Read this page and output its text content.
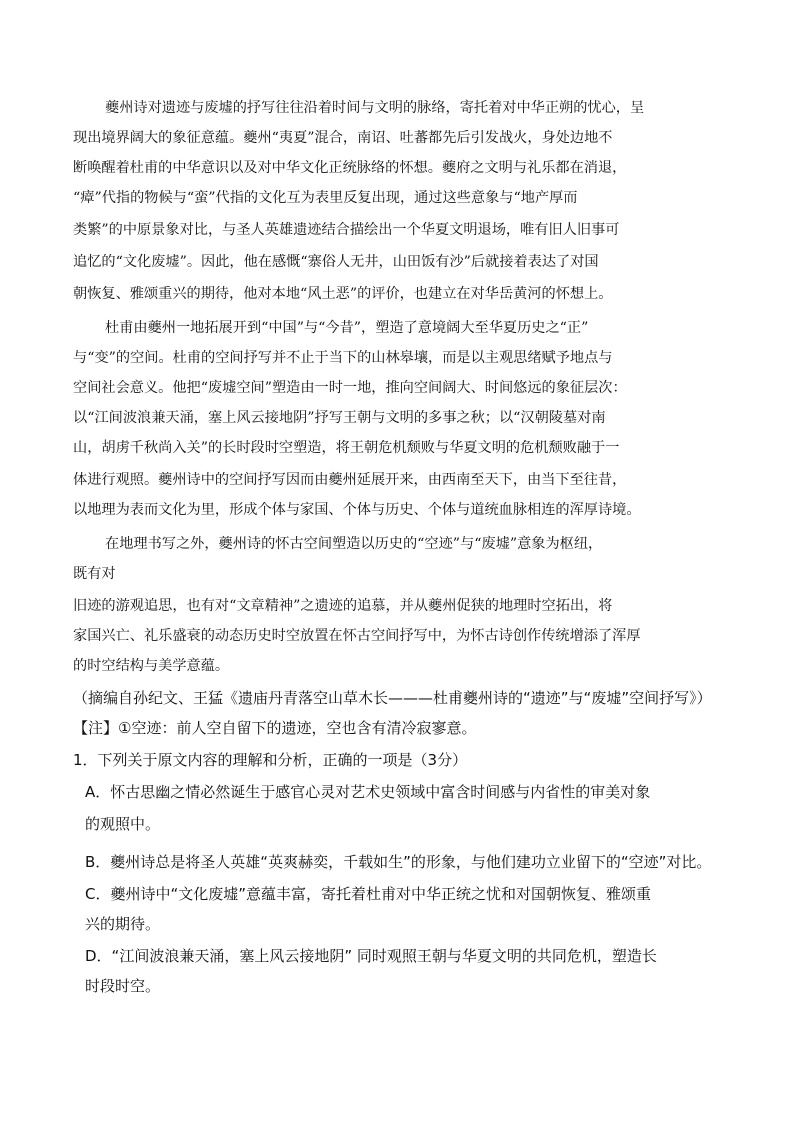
夔州诗对遗迹与废墟的抒写往往沿着时间与文明的脉络，寄托着对中华正朔的忧心，呈
现出境界阔大的象征意蕴。夔州“夷夏”混合，南诏、吐蕃都先后引发战火，身处边地不
断唤醒着杜甫的中华意识以及对中华文化正统脉络的怀想。夔府之文明与礼乐都在消退，
“瘴”代指的物候与“蛮”代指的文化互为表里反复出现，通过这些意象与“地产厚而
类繁”的中原景象对比，与圣人英雄遗迹结合描绘出一个华夏文明退场，唯有旧人旧事可
追忆的“文化废墟”。因此，他在感慨“寨俗人无井，山田饭有沙”后就接着表达了对国
朝恢复、雅颂重兴的期待，他对本地“风土恶”的评价，也建立在对华岳黄河的怀想上。
杜甫由夔州一地拓展开到“中国”与“今昔”，塑造了意境阔大至华夏历史之“正”
与“变”的空间。杜甫的空间抒写并不止于当下的山林皋壤，而是以主观思绪赋予地点与
空间社会意义。他把“废墟空间”塑造由一时一地，推向空间阔大、时间悠远的象征层次：
以“江间波浪兼天涌，塞上风云接地阴”抒写王朝与文明的多事之秋；以“汉朝陵墓对南
山，胡虏千秋尚入关”的长时段时空塑造，将王朝危机颓败与华夏文明的危机颓败融于一
体进行观照。夔州诗中的空间抒写因而由夔州延展开来，由西南至天下，由当下至往昔，
以地理为表而文化为里，形成个体与家国、个体与历史、个体与道统血脉相连的浑厚诗境。
在地理书写之外，夔州诗的怀古空间塑造以历史的“空迹”与“废墟”意象为枢纽，
既有对
旧迹的游观追思，也有对“文章精神”之遗迹的追慕，并从夔州促狭的地理时空拓出，将
家国兴亡、礼乐盛衰的动态历史时空放置在怀古空间抒写中，为怀古诗创作传统增添了浑厚
的时空结构与美学意蕴。
（摘编自孙纪文、王猛《遗庙丹青落空山草木长———杜甫夔州诗的“遗迹”与“废墟”空间抒写》）
【注】①空迹：前人空自留下的遗迹，空也含有清冷寂寥意。
1．下列关于原文内容的理解和分析，正确的一项是（3分）
A．怀古思幽之情必然诞生于感官心灵对艺术史领域中富含时间感与内省性的审美对象
的观照中。
B．夔州诗总是将圣人英雄“英爽赫奕，千载如生”的形象，与他们建功立业留下的“空迹”对比。
C．夔州诗中“文化废墟”意蕴丰富，寄托着杜甫对中华正统之忧和对国朝恢复、雅颂重
兴的期待。
D．“江间波浪兼天涌，塞上风云接地阴” 同时观照王朝与华夏文明的共同危机，塑造长
时段时空。
